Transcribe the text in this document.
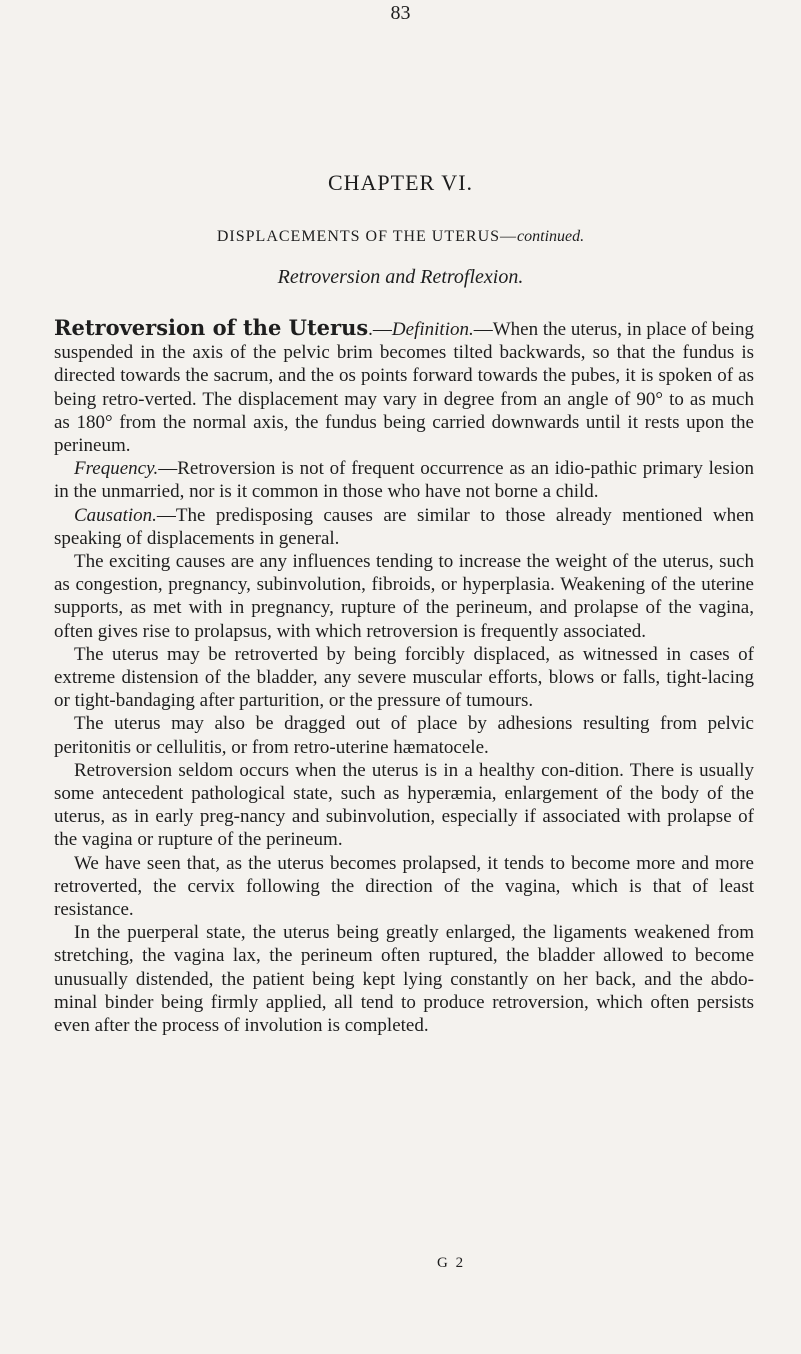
83
CHAPTER VI.
DISPLACEMENTS OF THE UTERUS—continued.
Retroversion and Retroflexion.

Retroversion of the Uterus.—Definition.—When the uterus, in place of being suspended in the axis of the pelvic brim becomes tilted backwards, so that the fundus is directed towards the sacrum, and the os points forward towards the pubes, it is spoken of as being retro-verted. The displacement may vary in degree from an angle of 90° to as much as 180° from the normal axis, the fundus being carried downwards until it rests upon the perineum.

Frequency.—Retroversion is not of frequent occurrence as an idio-pathic primary lesion in the unmarried, nor is it common in those who have not borne a child.

Causation.—The predisposing causes are similar to those already mentioned when speaking of displacements in general.

The exciting causes are any influences tending to increase the weight of the uterus, such as congestion, pregnancy, subinvolution, fibroids, or hyperplasia. Weakening of the uterine supports, as met with in pregnancy, rupture of the perineum, and prolapse of the vagina, often gives rise to prolapsus, with which retroversion is frequently associated.

The uterus may be retroverted by being forcibly displaced, as witnessed in cases of extreme distension of the bladder, any severe muscular efforts, blows or falls, tight-lacing or tight-bandaging after parturition, or the pressure of tumours.

The uterus may also be dragged out of place by adhesions resulting from pelvic peritonitis or cellulitis, or from retro-uterine hæmatocele.

Retroversion seldom occurs when the uterus is in a healthy con-dition. There is usually some antecedent pathological state, such as hyperæmia, enlargement of the body of the uterus, as in early preg-nancy and subinvolution, especially if associated with prolapse of the vagina or rupture of the perineum.

We have seen that, as the uterus becomes prolapsed, it tends to become more and more retroverted, the cervix following the direction of the vagina, which is that of least resistance.

In the puerperal state, the uterus being greatly enlarged, the ligaments weakened from stretching, the vagina lax, the perineum often ruptured, the bladder allowed to become unusually distended, the patient being kept lying constantly on her back, and the abdo-minal binder being firmly applied, all tend to produce retroversion, which often persists even after the process of involution is completed.

G 2
